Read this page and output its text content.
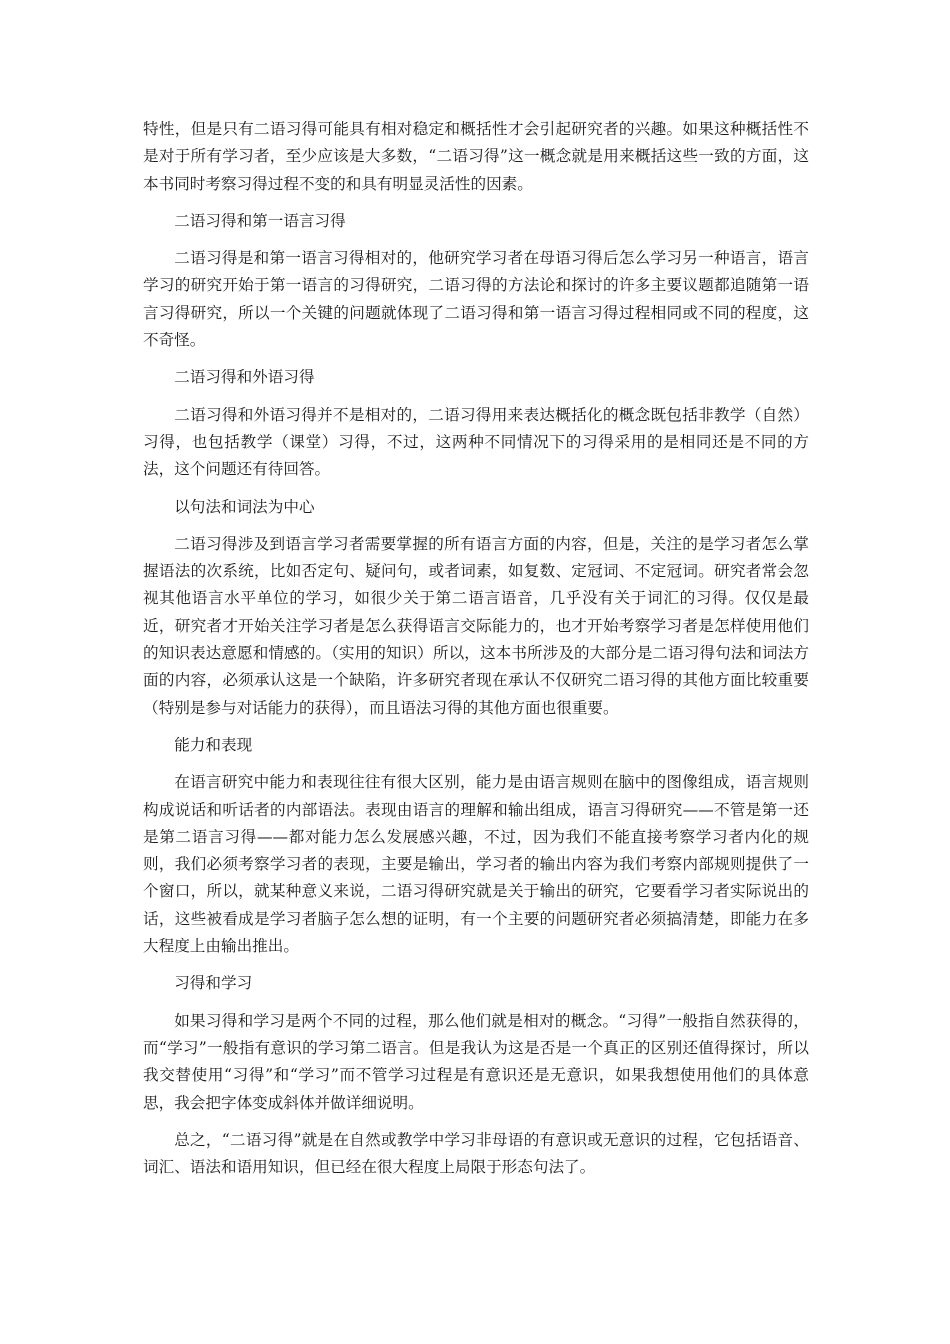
特性，但是只有二语习得可能具有相对稳定和概括性才会引起研究者的兴趣。如果这种概括性不是对于所有学习者，至少应该是大多数，“二语习得”这一概念就是用来概括这些一致的方面，这本书同时考察习得过程不变的和具有明显灵活性的因素。

二语习得和第一语言习得

二语习得是和第一语言习得相对的，他研究学习者在母语习得后怎么学习另一种语言，语言学习的研究开始于第一语言的习得研究，二语习得的方法论和探讨的许多主要议题都追随第一语言习得研究，所以一个关键的问题就体现了二语习得和第一语言习得过程相同或不同的程度，这不奇怪。

二语习得和外语习得

二语习得和外语习得并不是相对的，二语习得用来表达概括化的概念既包括非教学（自然）习得，也包括教学（课堂）习得，不过，这两种不同情况下的习得采用的是相同还是不同的方法，这个问题还有待回答。

以句法和词法为中心

二语习得涉及到语言学习者需要掌握的所有语言方面的内容，但是，关注的是学习者怎么掌握语法的次系统，比如否定句、疑问句，或者词素，如复数、定冠词、不定冠词。研究者常会忽视其他语言水平单位的学习，如很少关于第二语言语音，几乎没有关于词汇的习得。仅仅是最近，研究者才开始关注学习者是怎么获得语言交际能力的，也才开始考察学习者是怎样使用他们的知识表达意愿和情感的。（实用的知识）所以，这本书所涉及的大部分是二语习得句法和词法方面的内容，必须承认这是一个缺陷，许多研究者现在承认不仅研究二语习得的其他方面比较重要（特别是参与对话能力的获得），而且语法习得的其他方面也很重要。

能力和表现

在语言研究中能力和表现往往有很大区别，能力是由语言规则在脑中的图像组成，语言规则构成说话和听话者的内部语法。表现由语言的理解和输出组成，语言习得研究——不管是第一还是第二语言习得——都对能力怎么发展感兴趣，不过，因为我们不能直接考察学习者内化的规则，我们必须考察学习者的表现，主要是输出，学习者的输出内容为我们考察内部规则提供了一个窗口，所以，就某种意义来说，二语习得研究就是关于输出的研究，它要看学习者实际说出的话，这些被看成是学习者脑子怎么想的证明，有一个主要的问题研究者必须搞清楚，即能力在多大程度上由输出推出。

习得和学习

如果习得和学习是两个不同的过程，那么他们就是相对的概念。“习得”一般指自然获得的，而“学习”一般指有意识的学习第二语言。但是我认为这是否是一个真正的区别还值得探讨，所以我交替使用“习得”和“学习”而不管学习过程是有意识还是无意识，如果我想使用他们的具体意思，我会把字体变成斜体并做详细说明。

总之，“二语习得”就是在自然或教学中学习非母语的有意识或无意识的过程，它包括语音、词汇、语法和语用知识，但已经在很大程度上局限于形态句法了。
